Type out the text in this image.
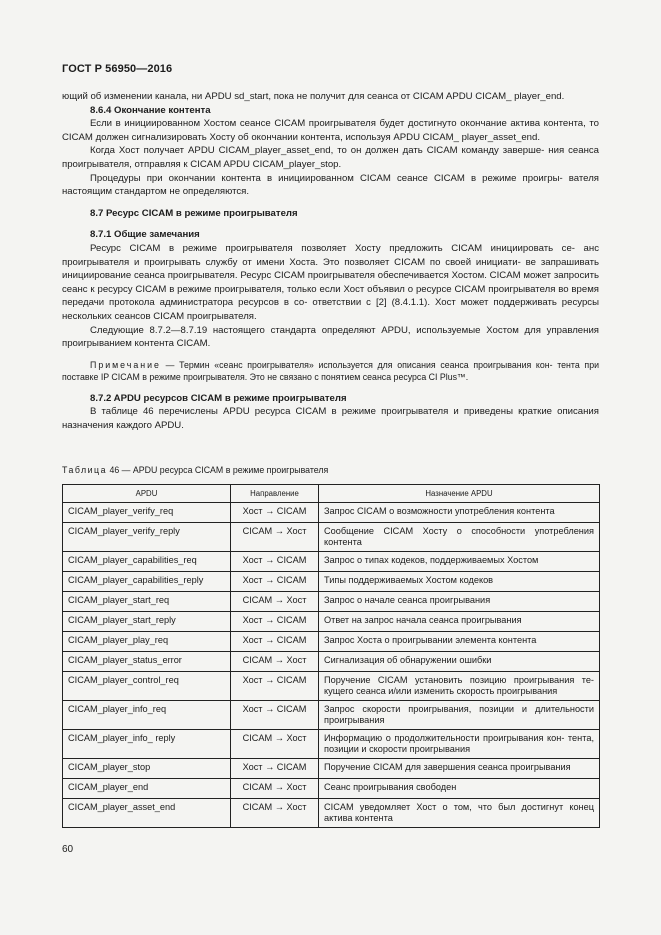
ГОСТ Р 56950—2016

ющий об изменении канала, ни APDU sd_start, пока не получит для сеанса от CICAM APDU CICAM_ player_end.

8.6.4 Окончание контента

Если в инициированном Хостом сеансе CICAM проигрывателя будет достигнуто окончание актива контента, то CICAM должен сигнализировать Хосту об окончании контента, используя APDU CICAM_ player_asset_end.

Когда Хост получает APDU CICAM_player_asset_end, то он должен дать CICAM команду заверше- ния сеанса проигрывателя, отправляя к CICAM APDU CICAM_player_stop.

Процедуры при окончании контента в инициированном CICAM сеансе CICAM в режиме проигры- вателя настоящим стандартом не определяются.

8.7 Ресурс CICAM в режиме проигрывателя

8.7.1 Общие замечания

Ресурс CICAM в режиме проигрывателя позволяет Хосту предложить CICAM инициировать се- анс проигрывателя и проигрывать службу от имени Хоста. Это позволяет CICAM по своей инициати- ве запрашивать инициирование сеанса проигрывателя. Ресурс CICAM проигрывателя обеспечивается Хостом. CICAM может запросить сеанс к ресурсу CICAM в режиме проигрывателя, только если Хост объявил о ресурсе CICAM проигрывателя во время передачи протокола администратора ресурсов в со- ответствии с [2] (8.4.1.1). Хост может поддерживать ресурсы нескольких сеансов CICAM проигрывателя.

Следующие 8.7.2—8.7.19 настоящего стандарта определяют APDU, используемые Хостом для управления проигрыванием контента CICAM.

Примечание — Термин «сеанс проигрывателя» используется для описания сеанса проигрывания кон- тента при поставке IP CICAM в режиме проигрывателя. Это не связано с понятием сеанса ресурса CI Plus™.

8.7.2 APDU ресурсов CICAM в режиме проигрывателя

В таблице 46 перечислены APDU ресурса CICAM в режиме проигрывателя и приведены краткие описания назначения каждого APDU.

Таблица 46 — APDU ресурса CICAM в режиме проигрывателя
APDU	Направление	Назначение APDU
CICAM_player_verify_req	Хост → CICAM	Запрос CICAM о возможности употребления контента
CICAM_player_verify_reply	CICAM → Хост	Сообщение CICAM Хосту о способности употребления контента
CICAM_player_capabilities_req	Хост → CICAM	Запрос о типах кодеков, поддерживаемых Хостом
CICAM_player_capabilities_reply	Хост → CICAM	Типы поддерживаемых Хостом кодеков
CICAM_player_start_req	CICAM → Хост	Запрос о начале сеанса проигрывания
CICAM_player_start_reply	Хост → CICAM	Ответ на запрос начала сеанса проигрывания
CICAM_player_play_req	Хост → CICAM	Запрос Хоста о проигрывании элемента контента
CICAM_player_status_error	CICAM → Хост	Сигнализация об обнаружении ошибки
CICAM_player_control_req	Хост → CICAM	Поручение CICAM установить позицию проигрывания те- кущего сеанса и/или изменить скорость проигрывания
CICAM_player_info_req	Хост → CICAM	Запрос скорости проигрывания, позиции и длительности проигрывания
CICAM_player_info_ reply	CICAM → Хост	Информацию о продолжительности проигрывания кон- тента, позиции и скорости проигрывания
CICAM_player_stop	Хост → CICAM	Поручение CICAM для завершения сеанса проигрывания
CICAM_player_end	CICAM → Хост	Сеанс проигрывания свободен
CICAM_player_asset_end	CICAM → Хост	CICAM уведомляет Хост о том, что был достигнут конец актива контента
60
